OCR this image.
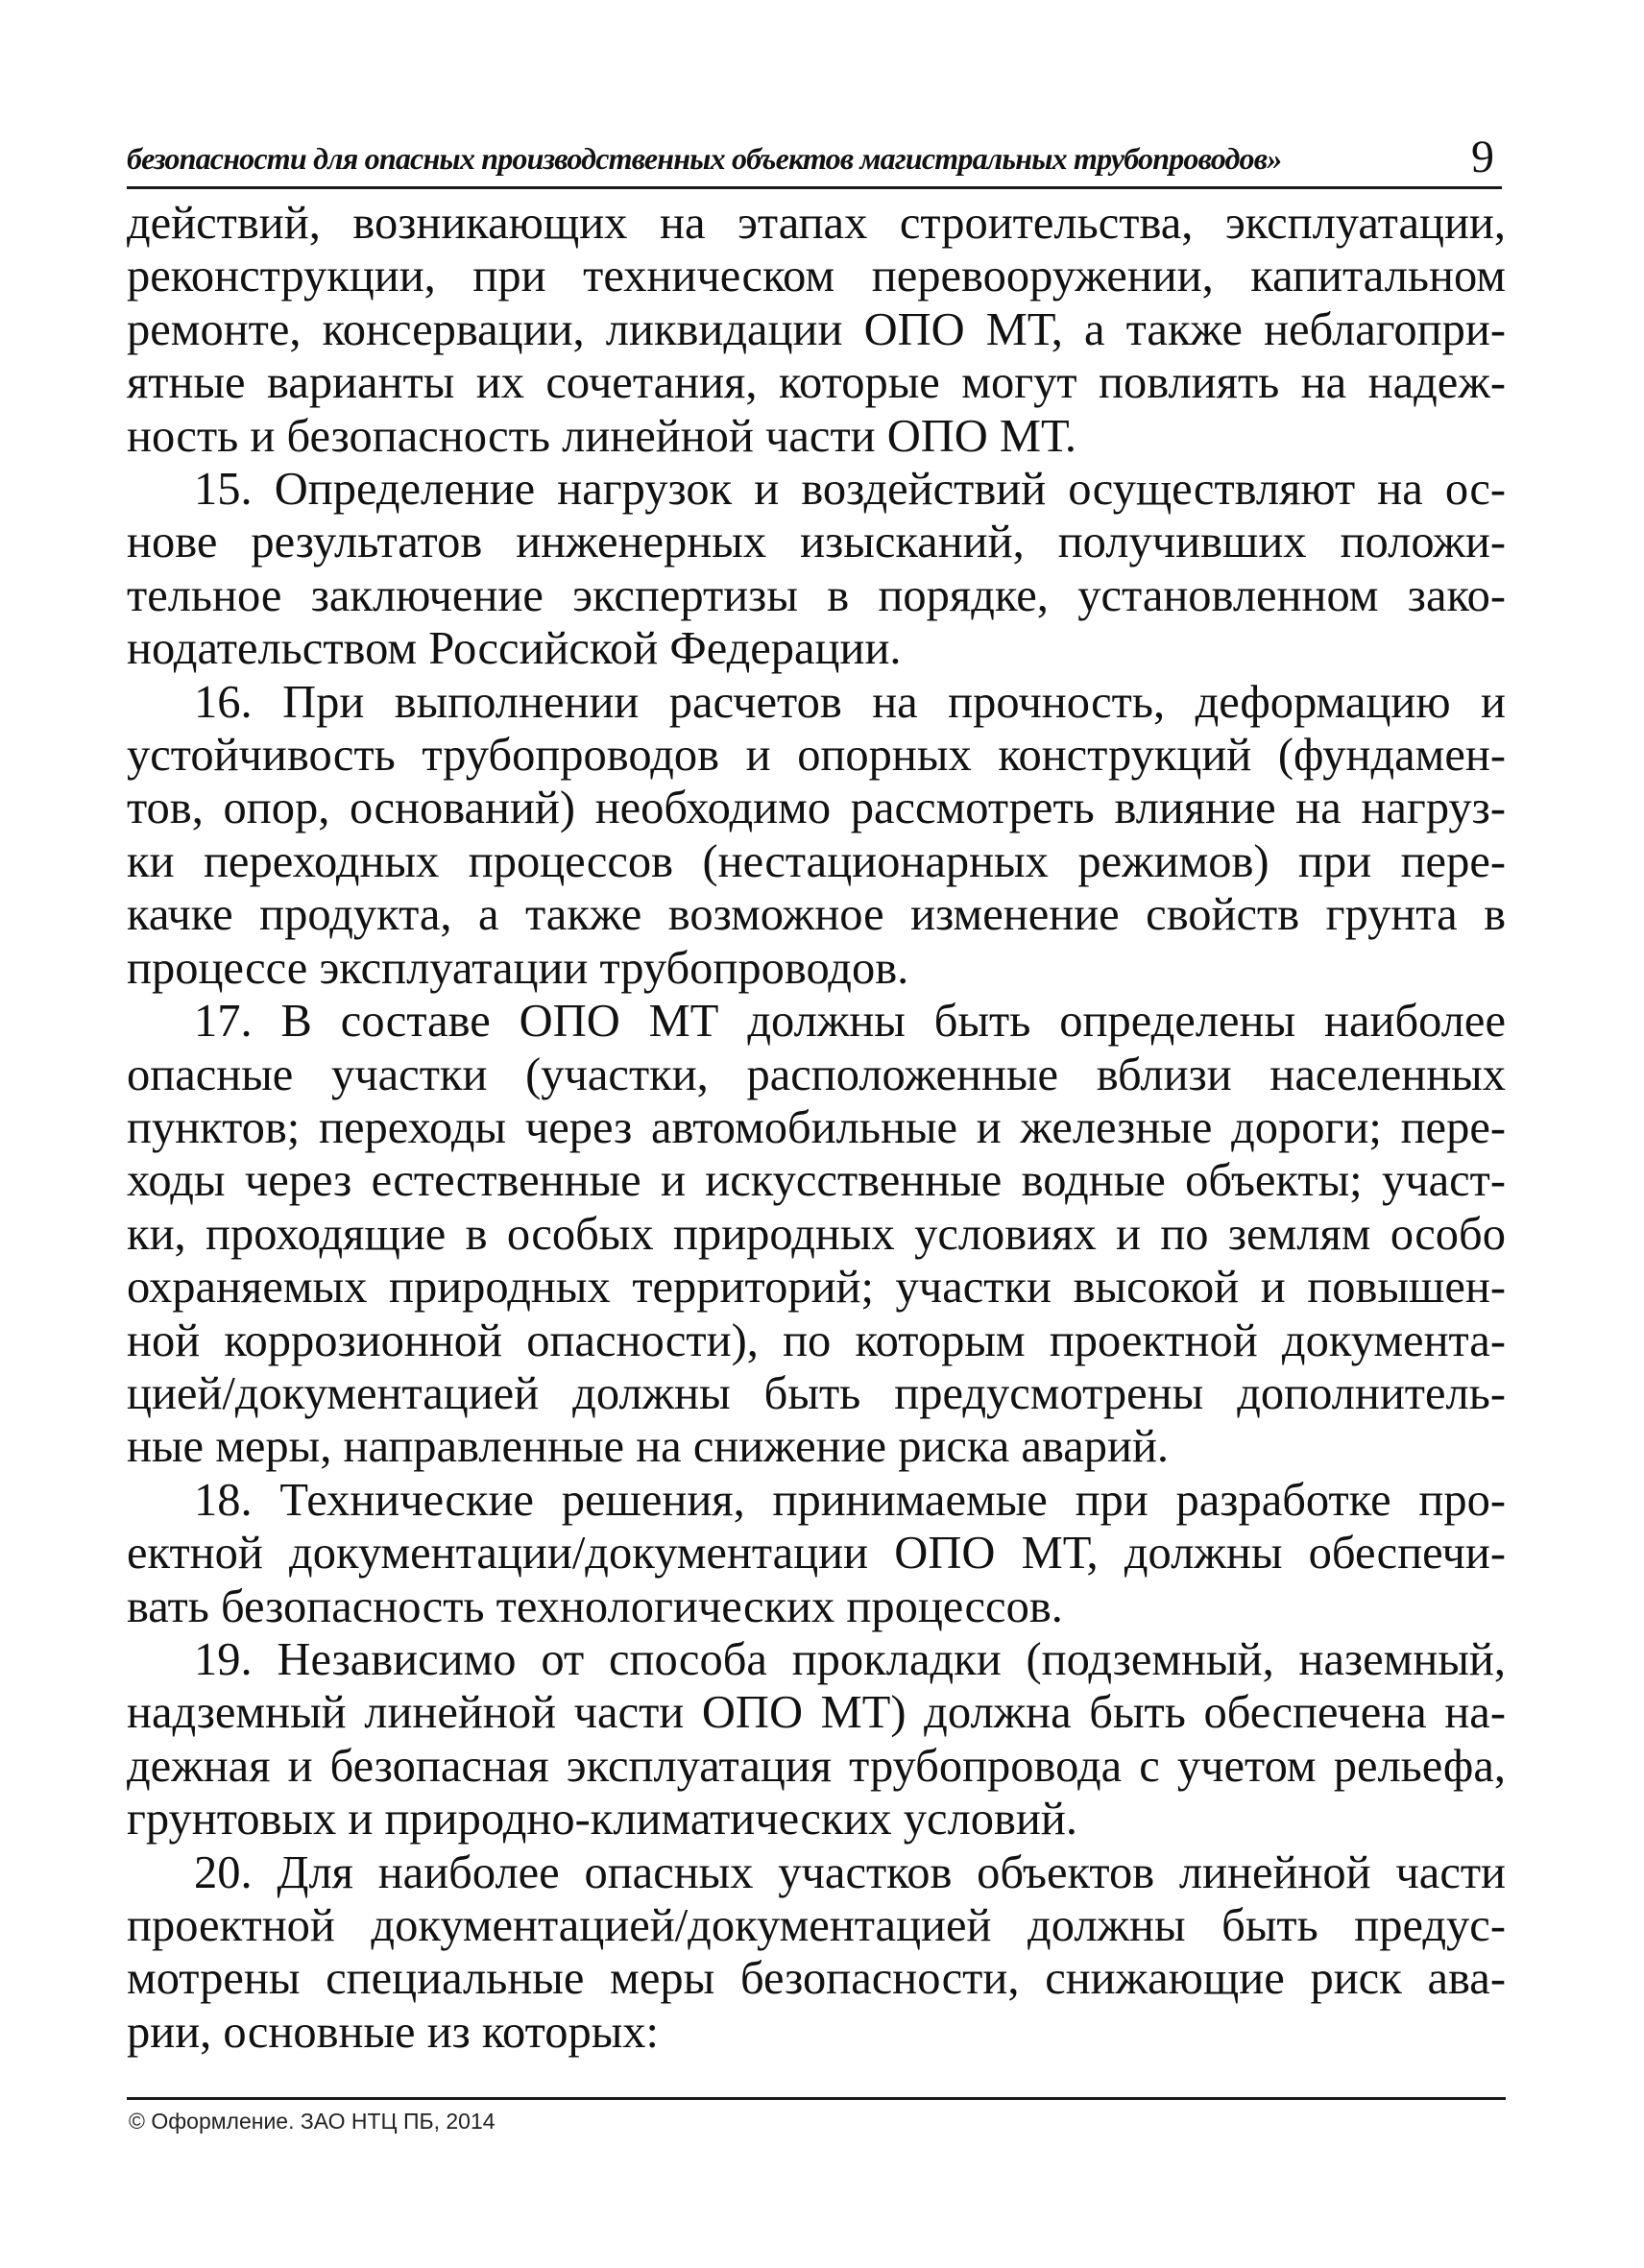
безопасности для опасных производственных объектов магистральных трубопроводов»	9
действий, возникающих на этапах строительства, эксплуатации,
реконструкции, при техническом перевооружении, капитальном
ремонте, консервации, ликвидации ОПО МТ, а также неблагопри-
ятные варианты их сочетания, которые могут повлиять на надеж-
ность и безопасность линейной части ОПО МТ.
15. Определение нагрузок и воздействий осуществляют на ос-
нове результатов инженерных изысканий, получивших положи-
тельное заключение экспертизы в порядке, установленном зако-
нодательством Российской Федерации.
16. При выполнении расчетов на прочность, деформацию и
устойчивость трубопроводов и опорных конструкций (фундамен-
тов, опор, оснований) необходимо рассмотреть влияние на нагруз-
ки переходных процессов (нестационарных режимов) при пере-
качке продукта, а также возможное изменение свойств грунта в
процессе эксплуатации трубопроводов.
17. В составе ОПО МТ должны быть определены наиболее
опасные участки (участки, расположенные вблизи населенных
пунктов; переходы через автомобильные и железные дороги; пере-
ходы через естественные и искусственные водные объекты; участ-
ки, проходящие в особых природных условиях и по землям особо
охраняемых природных территорий; участки высокой и повышен-
ной коррозионной опасности), по которым проектной документа-
цией/документацией должны быть предусмотрены дополнитель-
ные меры, направленные на снижение риска аварий.
18. Технические решения, принимаемые при разработке про-
ектной документации/документации ОПО МТ, должны обеспечи-
вать безопасность технологических процессов.
19. Независимо от способа прокладки (подземный, наземный,
надземный линейной части ОПО МТ) должна быть обеспечена на-
дежная и безопасная эксплуатация трубопровода с учетом рельефа,
грунтовых и природно-климатических условий.
20. Для наиболее опасных участков объектов линейной части
проектной документацией/документацией должны быть предус-
мотрены специальные меры безопасности, снижающие риск ава-
рии, основные из которых:
© Оформление. ЗАО НТЦ ПБ, 2014
